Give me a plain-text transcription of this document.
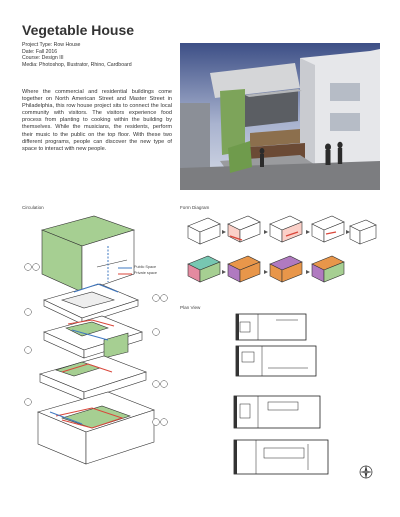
Vegetable House
Project Type: Row House
Date: Fall 2016
Course: Design III
Media: Photoshop, Illustrator, Rhino, Cardboard
Where the commercial and residential buildings come together on North American Street and Master Street in Philadelphia, this row house project sits to connect the local community with visitors. The visitors experience food process from planting to cooking within the building by themselves. While the musicians, the residents, perform their music to the public on the top floor. With these two different programs, people can discover the new type of space to interact with new people.
Circulation	Form Diagram
Plan View
Public Space
Private space
